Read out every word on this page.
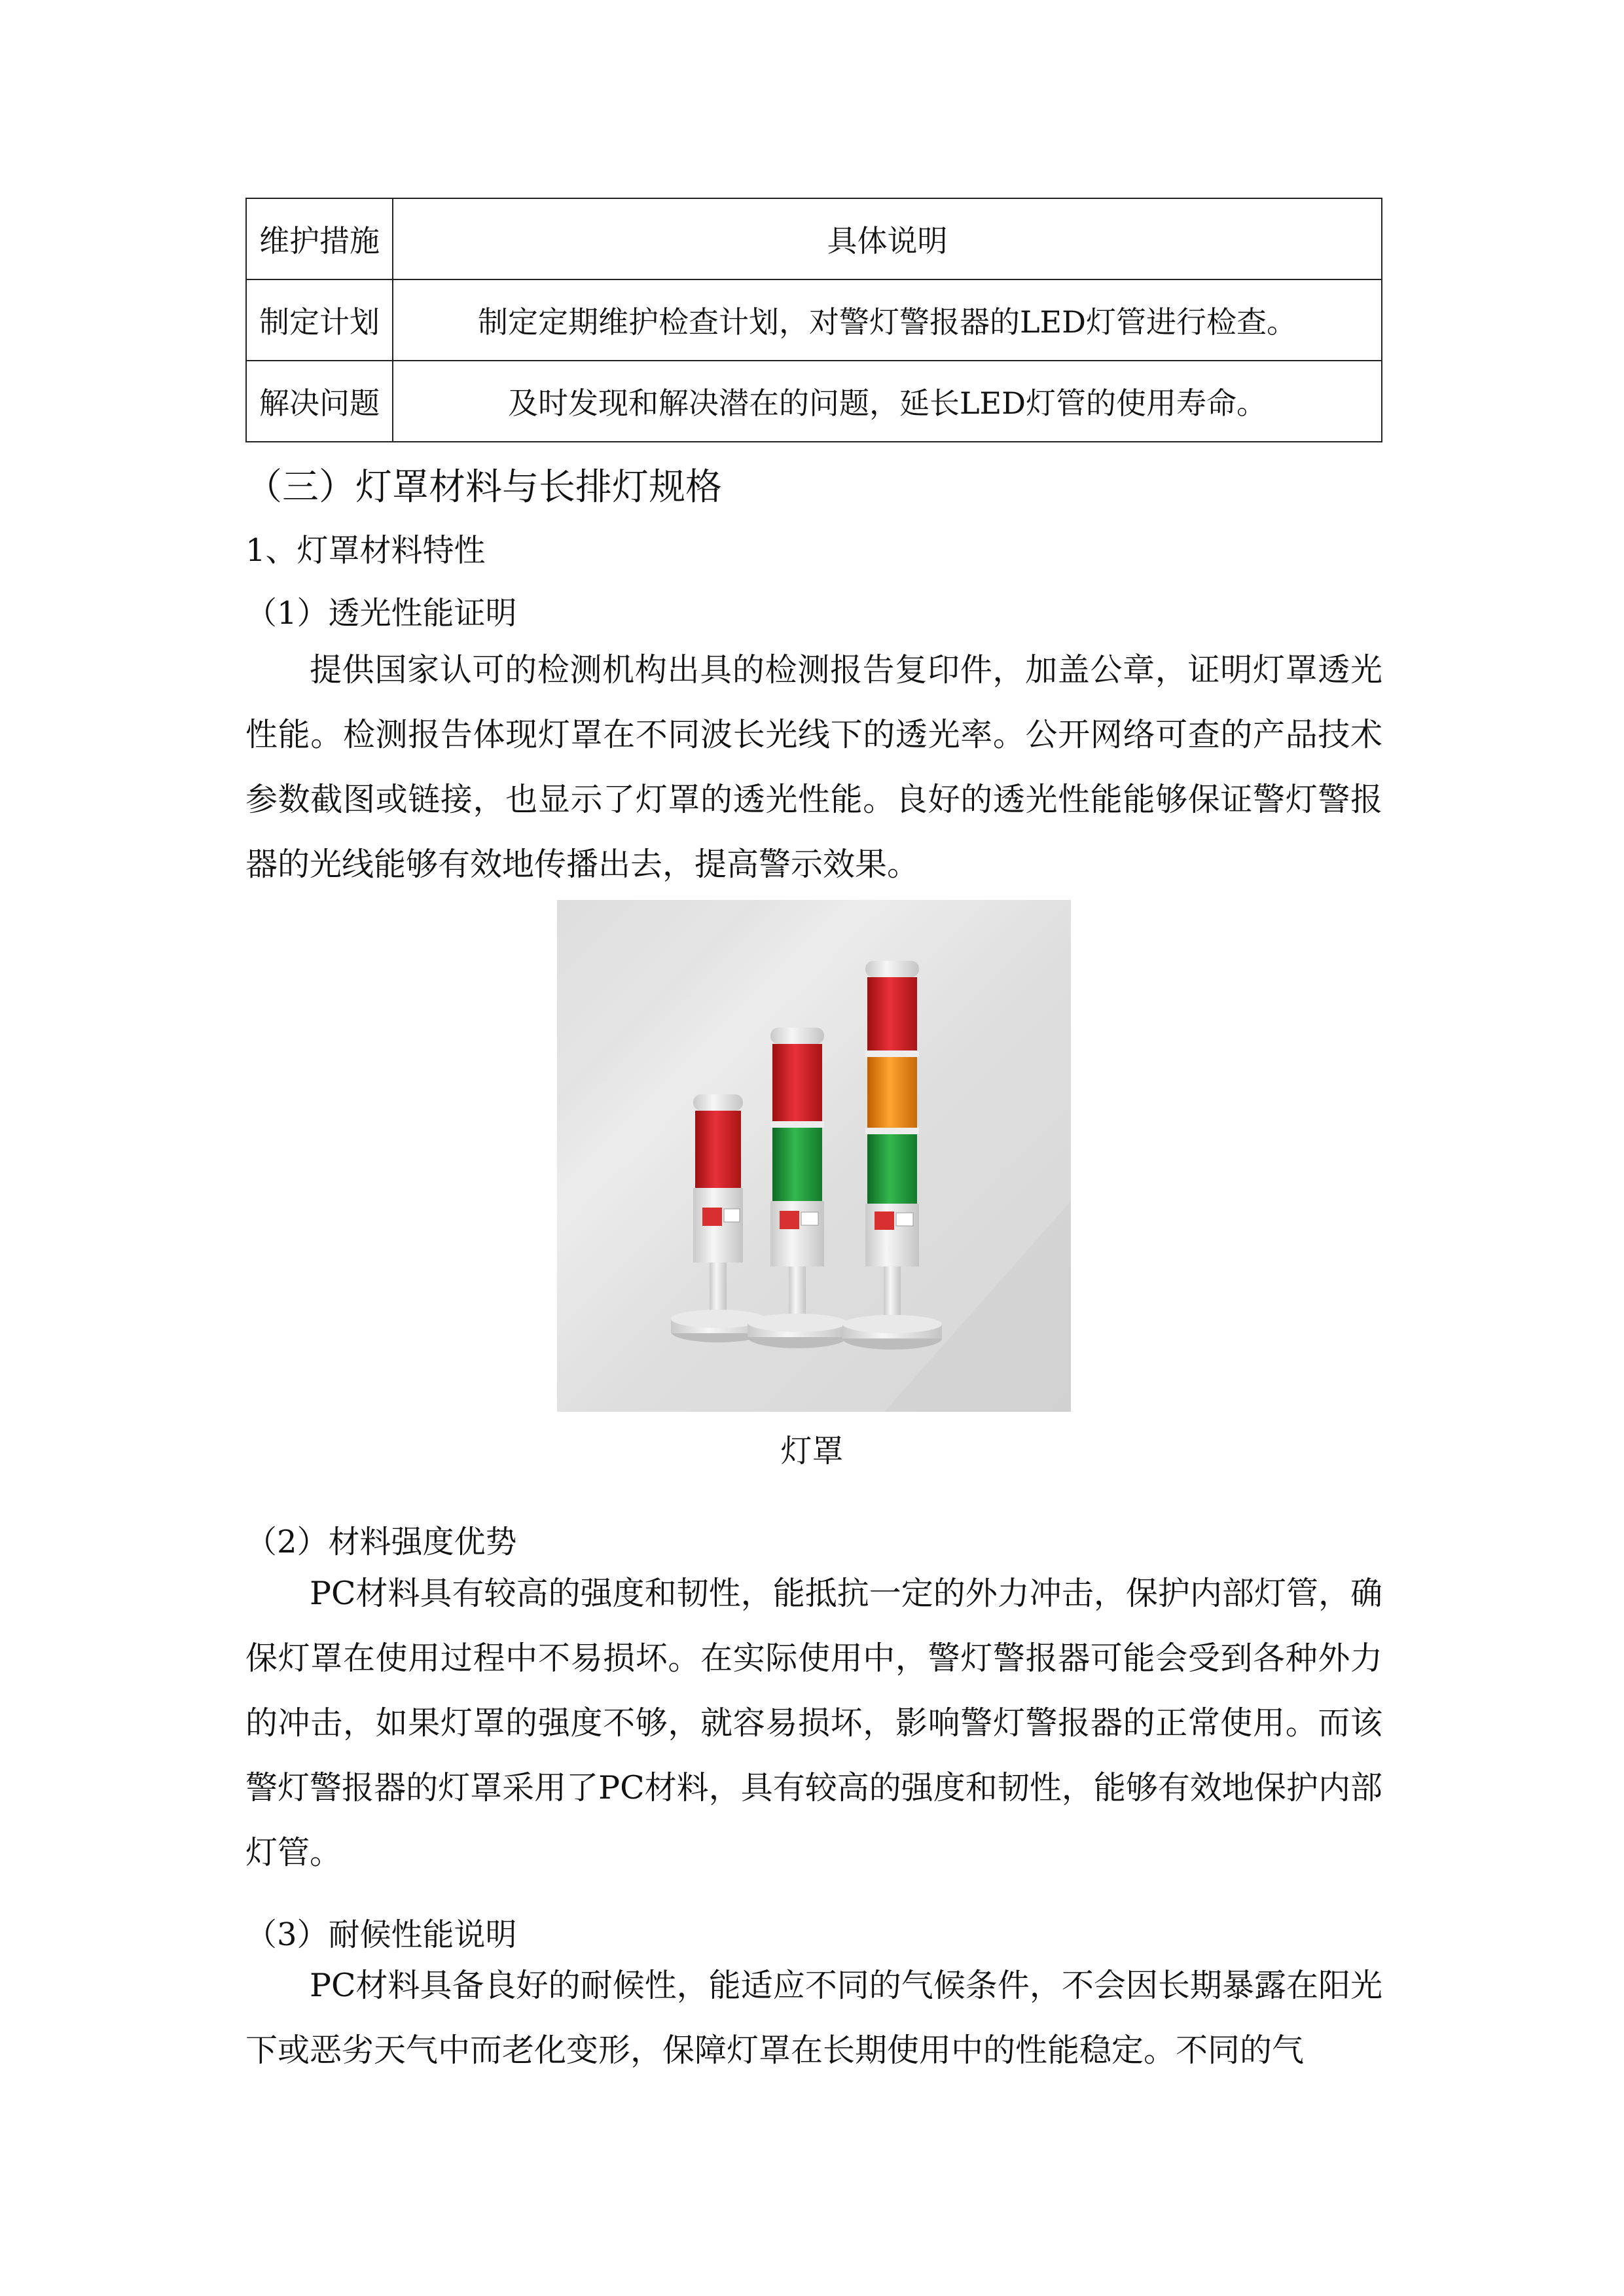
维护措施	具体说明
制定计划	制定定期维护检查计划，对警灯警报器的LED灯管进行检查。
解决问题	及时发现和解决潜在的问题，延长LED灯管的使用寿命。
（三）灯罩材料与长排灯规格
1、灯罩材料特性
（1）透光性能证明

提供国家认可的检测机构出具的检测报告复印件，加盖公章，证明灯罩透光性能。检测报告体现灯罩在不同波长光线下的透光率。公开网络可查的产品技术参数截图或链接，也显示了灯罩的透光性能。良好的透光性能能够保证警灯警报器的光线能够有效地传播出去，提高警示效果。

灯罩
（2）材料强度优势

PC材料具有较高的强度和韧性，能抵抗一定的外力冲击，保护内部灯管，确保灯罩在使用过程中不易损坏。在实际使用中，警灯警报器可能会受到各种外力的冲击，如果灯罩的强度不够，就容易损坏，影响警灯警报器的正常使用。而该警灯警报器的灯罩采用了PC材料，具有较高的强度和韧性，能够有效地保护内部灯管。

（3）耐候性能说明

PC材料具备良好的耐候性，能适应不同的气候条件，不会因长期暴露在阳光下或恶劣天气中而老化变形，保障灯罩在长期使用中的性能稳定。不同的气
